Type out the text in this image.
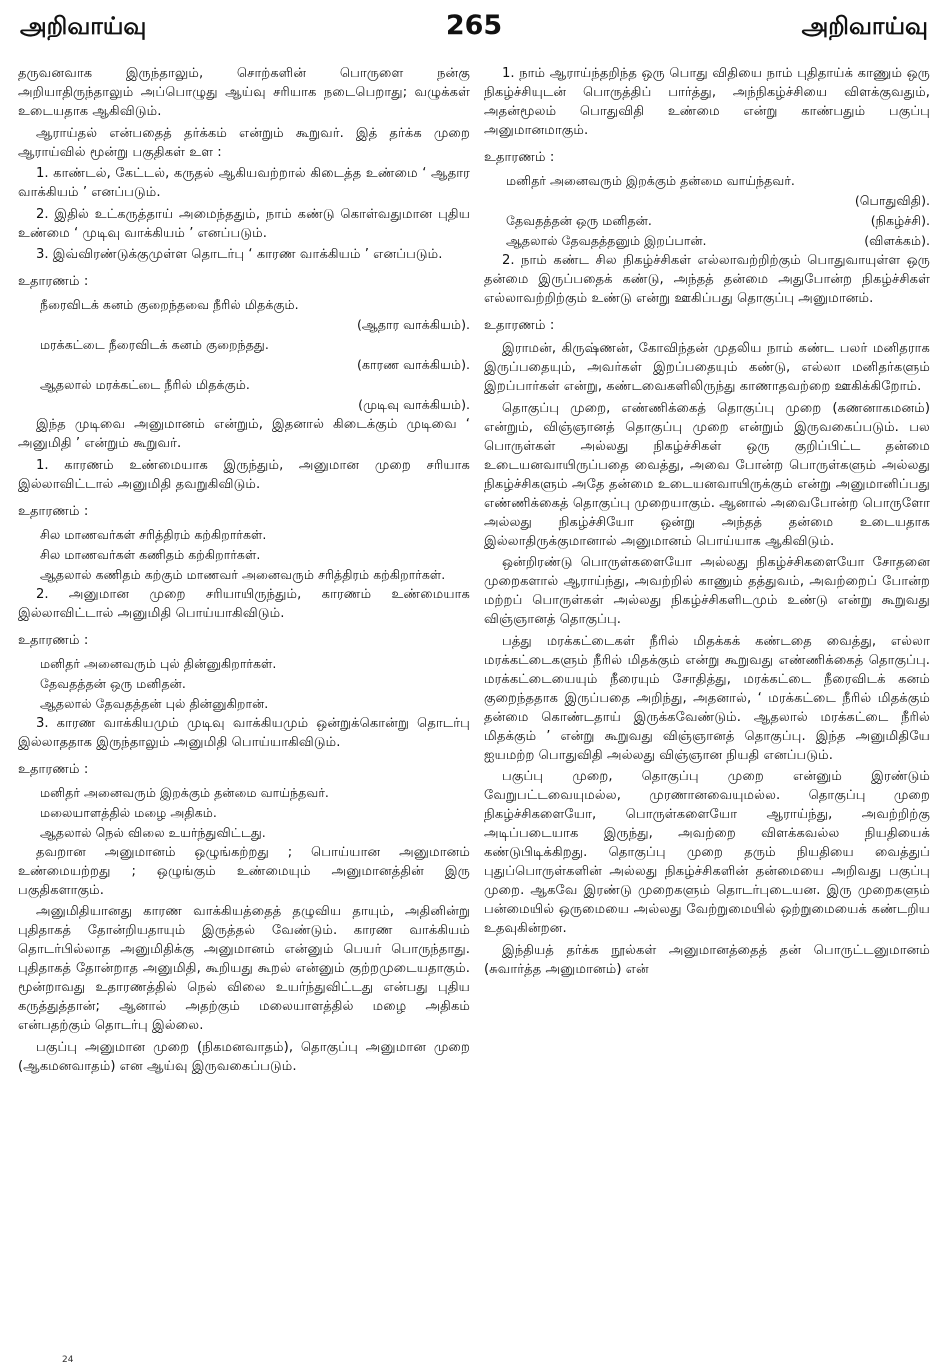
அறிவாய்வு	265	அறிவாய்வு

தருவனவாக இருந்தாலும், சொற்களின் பொருளை நன்கு அறியாதிருந்தாலும் அப்பொழுது ஆய்வு சரியாக நடைபெறாது; வழுக்கள் உடையதாக ஆகிவிடும்.

ஆராய்தல் என்பதைத் தர்க்கம் என்றும் கூறுவர். இத் தர்க்க முறை ஆராய்வில் மூன்று பகுதிகள் உள :

1. காண்டல், கேட்டல், கருதல் ஆகியவற்றால் கிடைத்த உண்மை ‘ ஆதார வாக்கியம் ’ எனப்படும்.

2. இதில் உட்கருத்தாய் அமைந்ததும், நாம் கண்டு கொள்வதுமான புதிய உண்மை ‘ முடிவு வாக்கியம் ’ எனப்படும்.

3. இவ்விரண்டுக்குமுள்ள தொடர்பு ‘ காரண வாக்கியம் ’ எனப்படும்.

உதாரணம் :

நீரைவிடக் கனம் குறைந்தவை நீரில் மிதக்கும்.

(ஆதார வாக்கியம்).

மரக்கட்டை நீரைவிடக் கனம் குறைந்தது.

(காரண வாக்கியம்).

ஆதலால் மரக்கட்டை நீரில் மிதக்கும்.

(முடிவு வாக்கியம்).

இந்த முடிவை அனுமானம் என்றும், இதனால் கிடைக்கும் முடிவை ‘ அனுமிதி ’ என்றும் கூறுவர்.

1. காரணம் உண்மையாக இருந்தும், அனுமான முறை சரியாக இல்லாவிட்டால் அனுமிதி தவறுகிவிடும்.

உதாரணம் :

சில மாணவர்கள் சரித்திரம் கற்கிறார்கள்.

சில மாணவர்கள் கணிதம் கற்கிறார்கள்.

ஆதலால் கணிதம் கற்கும் மாணவர் அனைவரும் சரித்திரம் கற்கிறார்கள்.

2. அனுமான முறை சரியாயிருந்தும், காரணம் உண்மையாக இல்லாவிட்டால் அனுமிதி பொய்யாகிவிடும்.

உதாரணம் :

மனிதர் அனைவரும் புல் தின்னுகிறார்கள்.

தேவதத்தன் ஒரு மனிதன்.

ஆதலால் தேவதத்தன் புல் தின்னுகிறான்.

3. காரண வாக்கியமும் முடிவு வாக்கியமும் ஒன்றுக்கொன்று தொடர்பு இல்லாததாக இருந்தாலும் அனுமிதி பொய்யாகிவிடும்.

உதாரணம் :

மனிதர் அனைவரும் இறக்கும் தன்மை வாய்ந்தவர்.

மலையாளத்தில் மழை அதிகம்.

ஆதலால் நெல் விலை உயர்ந்துவிட்டது.

தவறான அனுமானம் ஒழுங்கற்றது ; பொய்யான அனுமானம் உண்மையற்றது ; ஒழுங்கும் உண்மையும் அனுமானத்தின் இரு பகுதிகளாகும்.

அனுமிதியானது காரண வாக்கியத்தைத் தழுவிய தாயும், அதினின்று புதிதாகத் தோன்றியதாயும் இருத்தல் வேண்டும். காரண வாக்கியம் தொடர்பில்லாத அனுமிதிக்கு அனுமானம் என்னும் பெயர் பொருந்தாது. புதிதாகத் தோன்றாத அனுமிதி, கூறியது கூறல் என்னும் குற்றமுடையதாகும். மூன்றாவது உதாரணத்தில் நெல் விலை உயர்ந்துவிட்டது என்பது புதிய கருத்துத்தான்; ஆனால் அதற்கும் மலையாளத்தில் மழை அதிகம் என்பதற்கும் தொடர்பு இல்லை.

பகுப்பு அனுமான முறை (நிகமனவாதம்), தொகுப்பு அனுமான முறை (ஆகமனவாதம்) என ஆய்வு இருவகைப்படும்.

1. நாம் ஆராய்ந்தறிந்த ஒரு பொது விதியை நாம் புதிதாய்க் காணும் ஒரு நிகழ்ச்சியுடன் பொருத்திப் பார்த்து, அந்நிகழ்ச்சியை விளக்குவதும், அதன்மூலம் பொதுவிதி உண்மை என்று காண்பதும் பகுப்பு அனுமானமாகும்.

உதாரணம் :

மனிதர் அனைவரும் இறக்கும் தன்மை வாய்ந்தவர்.

(பொதுவிதி).

தேவதத்தன் ஒரு மனிதன்.	(நிகழ்ச்சி).

ஆதலால் தேவதத்தனும் இறப்பான்.	(விளக்கம்).

2. நாம் கண்ட சில நிகழ்ச்சிகள் எல்லாவற்றிற்கும் பொதுவாயுள்ள ஒரு தன்மை இருப்பதைக் கண்டு, அந்தத் தன்மை அதுபோன்ற நிகழ்ச்சிகள் எல்லாவற்றிற்கும் உண்டு என்று ஊகிப்பது தொகுப்பு அனுமானம்.

உதாரணம் :

இராமன், கிருஷ்ணன், கோவிந்தன் முதலிய நாம் கண்ட பலர் மனிதராக இருப்பதையும், அவர்கள் இறப்பதையும் கண்டு, எல்லா மனிதர்களும் இறப்பார்கள் என்று, கண்டவைகளிலிருந்து காணாதவற்றை ஊகிக்கிறோம்.

தொகுப்பு முறை, எண்ணிக்கைத் தொகுப்பு முறை (கணனாகமனம்) என்றும், விஞ்ஞானத் தொகுப்பு முறை என்றும் இருவகைப்படும். பல பொருள்கள் அல்லது நிகழ்ச்சிகள் ஒரு குறிப்பிட்ட தன்மை உடையனவாயிருப்பதை வைத்து, அவை போன்ற பொருள்களும் அல்லது நிகழ்ச்சிகளும் அதே தன்மை உடையனவாயிருக்கும் என்று அனுமானிப்பது எண்ணிக்கைத் தொகுப்பு முறையாகும். ஆனால் அவைபோன்ற பொருளோ அல்லது நிகழ்ச்சியோ ஒன்று அந்தத் தன்மை உடையதாக இல்லாதிருக்குமானால் அனுமானம் பொய்யாக ஆகிவிடும்.

ஒன்றிரண்டு பொருள்களையோ அல்லது நிகழ்ச்சிகளையோ சோதனை முறைகளால் ஆராய்ந்து, அவற்றில் காணும் தத்துவம், அவற்றைப் போன்ற மற்றப் பொருள்கள் அல்லது நிகழ்ச்சிகளிடமும் உண்டு என்று கூறுவது விஞ்ஞானத் தொகுப்பு.

பத்து மரக்கட்டைகள் நீரில் மிதக்கக் கண்டதை வைத்து, எல்லா மரக்கட்டைகளும் நீரில் மிதக்கும் என்று கூறுவது எண்ணிக்கைத் தொகுப்பு. மரக்கட்டையையும் நீரையும் சோதித்து, மரக்கட்டை நீரைவிடக் கனம் குறைந்ததாக இருப்பதை அறிந்து, அதனால், ‘ மரக்கட்டை நீரில் மிதக்கும் தன்மை கொண்டதாய் இருக்கவேண்டும். ஆதலால் மரக்கட்டை நீரில் மிதக்கும் ’ என்று கூறுவது விஞ்ஞானத் தொகுப்பு. இந்த அனுமிதியே ஐயமற்ற பொதுவிதி அல்லது விஞ்ஞான நியதி எனப்படும்.

பகுப்பு முறை, தொகுப்பு முறை என்னும் இரண்டும் வேறுபட்டவையுமல்ல, முரணானவையுமல்ல. தொகுப்பு முறை நிகழ்ச்சிகளையோ, பொருள்களையோ ஆராய்ந்து, அவற்றிற்கு அடிப்படையாக இருந்து, அவற்றை விளக்கவல்ல நியதியைக் கண்டுபிடிக்கிறது. தொகுப்பு முறை தரும் நியதியை வைத்துப் புதுப்பொருள்களின் அல்லது நிகழ்ச்சிகளின் தன்மையை அறிவது பகுப்பு முறை. ஆகவே இரண்டு முறைகளும் தொடர்புடையன. இரு முறைகளும் பன்மையில் ஒருமையை அல்லது வேற்றுமையில் ஒற்றுமையைக் கண்டறிய உதவுகின்றன.

இந்தியத் தர்க்க நூல்கள் அனுமானத்தைத் தன் பொருட்டனுமானம் (சுவார்த்த அனுமானம்) என்

24
